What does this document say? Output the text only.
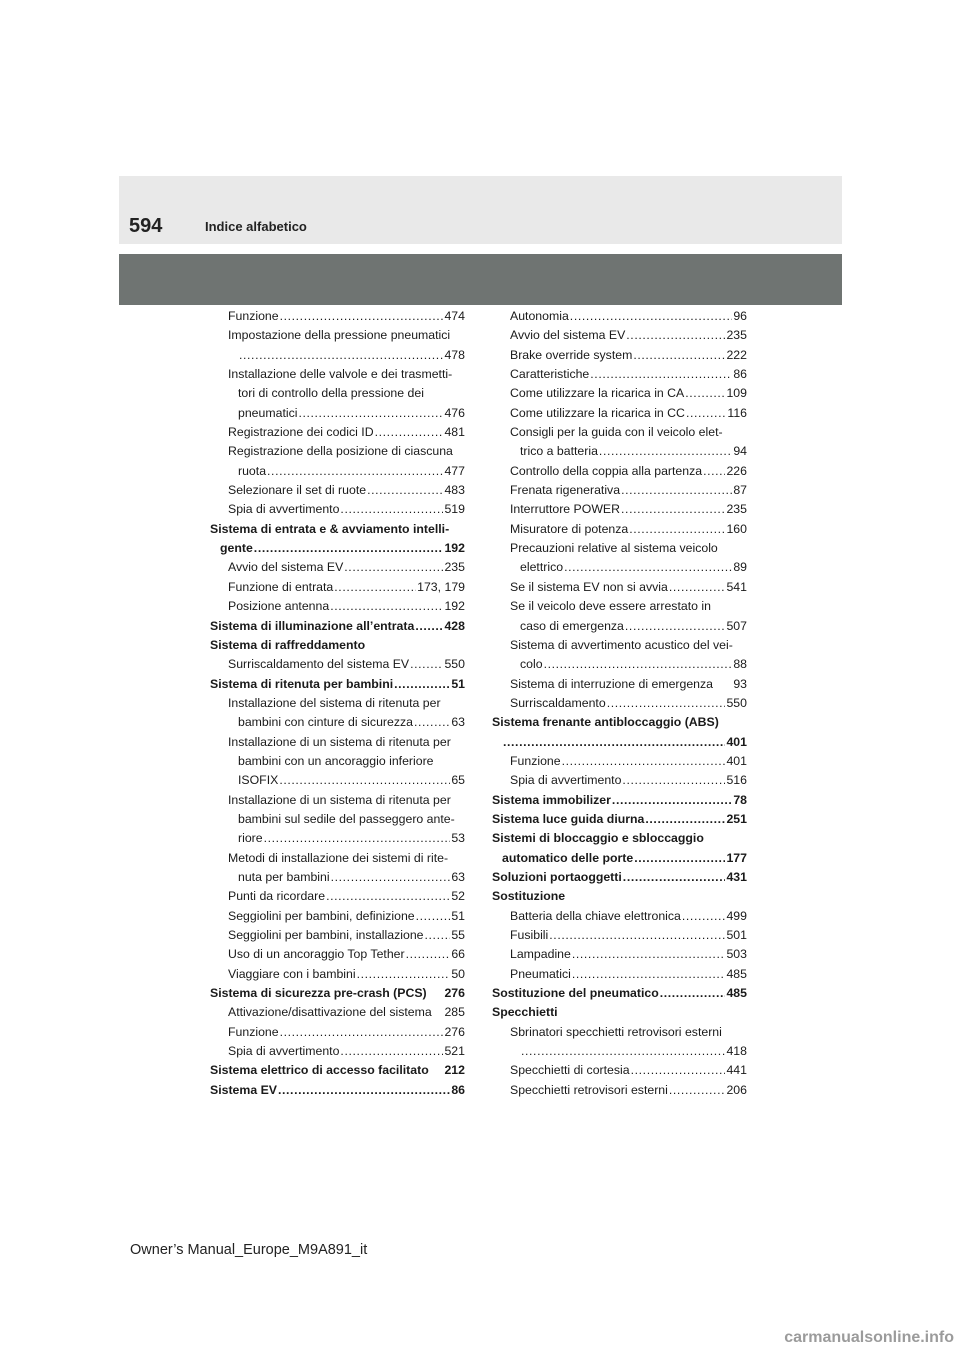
594	Indice alfabetico
Funzione .....	474
Impostazione della pressione pneumatici
.....
478
Installazione delle valvole e dei trasmetti-
tori di controllo della pressione dei
pneumatici .....	476
Registrazione dei codici ID .....	481
Registrazione della posizione di ciascuna
ruota .....	477
Selezionare il set di ruote .....	483
Spia di avvertimento .....	519
Sistema di entrata e & avviamento intelli-
gente .....	192
Avvio del sistema EV .....	235
Funzione di entrata .....	173, 179
Posizione antenna .....	192
Sistema di illuminazione all’entrata ..... 428
Sistema di raffreddamento
Surriscaldamento del sistema EV .....	550
Sistema di ritenuta per bambini .....	51
Installazione del sistema di ritenuta per
bambini con cinture di sicurezza .....	63
Installazione di un sistema di ritenuta per
bambini con un ancoraggio inferiore
ISOFIX .....	65
Installazione di un sistema di ritenuta per
bambini sul sedile del passeggero ante-
riore .....	53
Metodi di installazione dei sistemi di rite-
nuta per bambini .....	63
Punti da ricordare .....	52
Seggiolini per bambini, definizione .....	51
Seggiolini per bambini, installazione ..... 55
Uso di un ancoraggio Top Tether .....	66
Viaggiare con i bambini .....	50
Sistema di sicurezza pre-crash (PCS) 276
Attivazione/disattivazione del sistema 285
Funzione .....	276
Spia di avvertimento .....	521
Sistema elettrico di accesso facilitato 212
Sistema EV .....	86
Autonomia .....	96
Avvio del sistema EV .....	235
Brake override system .....	222
Caratteristiche .....	86
Come utilizzare la ricarica in CA .....	109
Come utilizzare la ricarica in CC .....	116
Consigli per la guida con il veicolo elet-
trico a batteria .....	94
Controllo della coppia alla partenza ..... 226
Frenata rigenerativa .....	87
Interruttore POWER .....	235
Misuratore di potenza .....	160
Precauzioni relative al sistema veicolo
elettrico .....	89
Se il sistema EV non si avvia .....	541
Se il veicolo deve essere arrestato in
caso di emergenza .....	507
Sistema di avvertimento acustico del vei-
colo .....	88
Sistema di interruzione di emergenza 93
Surriscaldamento .....	550
Sistema frenante antibloccaggio (ABS)
.....
401
Funzione .....	401
Spia di avvertimento .....	516
Sistema immobilizer .....	78
Sistema luce guida diurna .....	251
Sistemi di bloccaggio e sbloccaggio
automatico delle porte .....	177
Soluzioni portaoggetti .....	431
Sostituzione
Batteria della chiave elettronica .....	499
Fusibili .....	501
Lampadine .....	503
Pneumatici .....	485
Sostituzione del pneumatico .....	485
Specchietti
Sbrinatori specchietti retrovisori esterni
.....
418
Specchietti di cortesia .....	441
Specchietti retrovisori esterni .....	206
Owner’s Manual_Europe_M9A891_it
carmanualsonline.info
